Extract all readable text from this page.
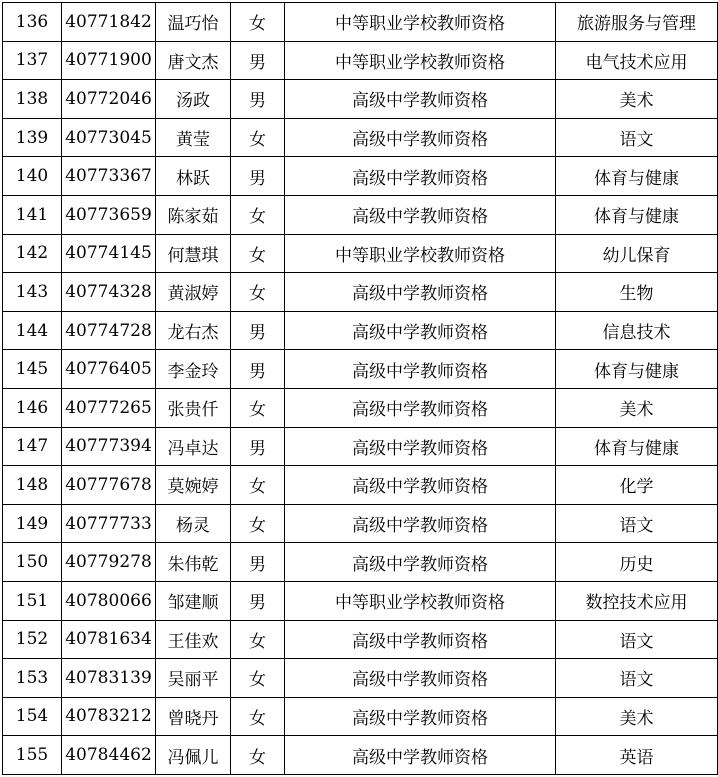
136	40771842	温巧怡	女	中等职业学校教师资格	旅游服务与管理
137	40771900	唐文杰	男	中等职业学校教师资格	电气技术应用
138	40772046	汤政	男	高级中学教师资格	美术
139	40773045	黄莹	女	高级中学教师资格	语文
140	40773367	林跃	男	高级中学教师资格	体育与健康
141	40773659	陈家茹	女	高级中学教师资格	体育与健康
142	40774145	何慧琪	女	中等职业学校教师资格	幼儿保育
143	40774328	黄淑婷	女	高级中学教师资格	生物
144	40774728	龙右杰	男	高级中学教师资格	信息技术
145	40776405	李金玲	男	高级中学教师资格	体育与健康
146	40777265	张贵仟	女	高级中学教师资格	美术
147	40777394	冯卓达	男	高级中学教师资格	体育与健康
148	40777678	莫婉婷	女	高级中学教师资格	化学
149	40777733	杨灵	女	高级中学教师资格	语文
150	40779278	朱伟乾	男	高级中学教师资格	历史
151	40780066	邹建顺	男	中等职业学校教师资格	数控技术应用
152	40781634	王佳欢	女	高级中学教师资格	语文
153	40783139	吴丽平	女	高级中学教师资格	语文
154	40783212	曾晓丹	女	高级中学教师资格	美术
155	40784462	冯佩儿	女	高级中学教师资格	英语
